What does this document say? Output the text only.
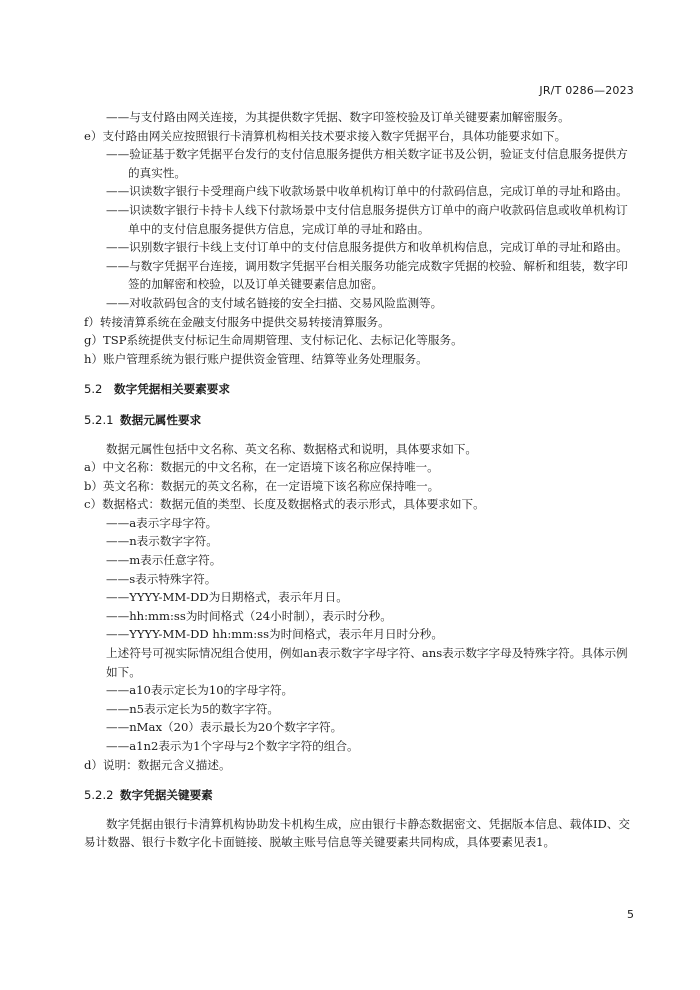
JR/T 0286—2023

——与支付路由网关连接，为其提供数字凭据、数字印签校验及订单关键要素加解密服务。

e）支付路由网关应按照银行卡清算机构相关技术要求接入数字凭据平台，具体功能要求如下。

——验证基于数字凭据平台发行的支付信息服务提供方相关数字证书及公钥，验证支付信息服务提供方的真实性。

——识读数字银行卡受理商户线下收款场景中收单机构订单中的付款码信息，完成订单的寻址和路由。

——识读数字银行卡持卡人线下付款场景中支付信息服务提供方订单中的商户收款码信息或收单机构订单中的支付信息服务提供方信息，完成订单的寻址和路由。

——识别数字银行卡线上支付订单中的支付信息服务提供方和收单机构信息，完成订单的寻址和路由。

——与数字凭据平台连接，调用数字凭据平台相关服务功能完成数字凭据的校验、解析和组装，数字印签的加解密和校验，以及订单关键要素信息加密。

——对收款码包含的支付域名链接的安全扫描、交易风险监测等。

f）转接清算系统在金融支付服务中提供交易转接清算服务。

g）TSP系统提供支付标记生命周期管理、支付标记化、去标记化等服务。

h）账户管理系统为银行账户提供资金管理、结算等业务处理服务。

5.2 数字凭据相关要素要求
5.2.1 数据元属性要求

数据元属性包括中文名称、英文名称、数据格式和说明，具体要求如下。

a）中文名称：数据元的中文名称，在一定语境下该名称应保持唯一。

b）英文名称：数据元的英文名称，在一定语境下该名称应保持唯一。

c）数据格式：数据元值的类型、长度及数据格式的表示形式，具体要求如下。

——a表示字母字符。

——n表示数字字符。

——m表示任意字符。

——s表示特殊字符。

——YYYY-MM-DD为日期格式，表示年月日。

——hh:mm:ss为时间格式（24小时制），表示时分秒。

——YYYY-MM-DD hh:mm:ss为时间格式，表示年月日时分秒。

上述符号可视实际情况组合使用，例如an表示数字字母字符、ans表示数字字母及特殊字符。具体示例如下。

——a10表示定长为10的字母字符。

——n5表示定长为5的数字字符。

——nMax（20）表示最长为20个数字字符。

——a1n2表示为1个字母与2个数字字符的组合。

d）说明：数据元含义描述。

5.2.2 数字凭据关键要素

数字凭据由银行卡清算机构协助发卡机构生成，应由银行卡静态数据密文、凭据版本信息、载体ID、交易计数器、银行卡数字化卡面链接、脱敏主账号信息等关键要素共同构成，具体要素见表1。

5
